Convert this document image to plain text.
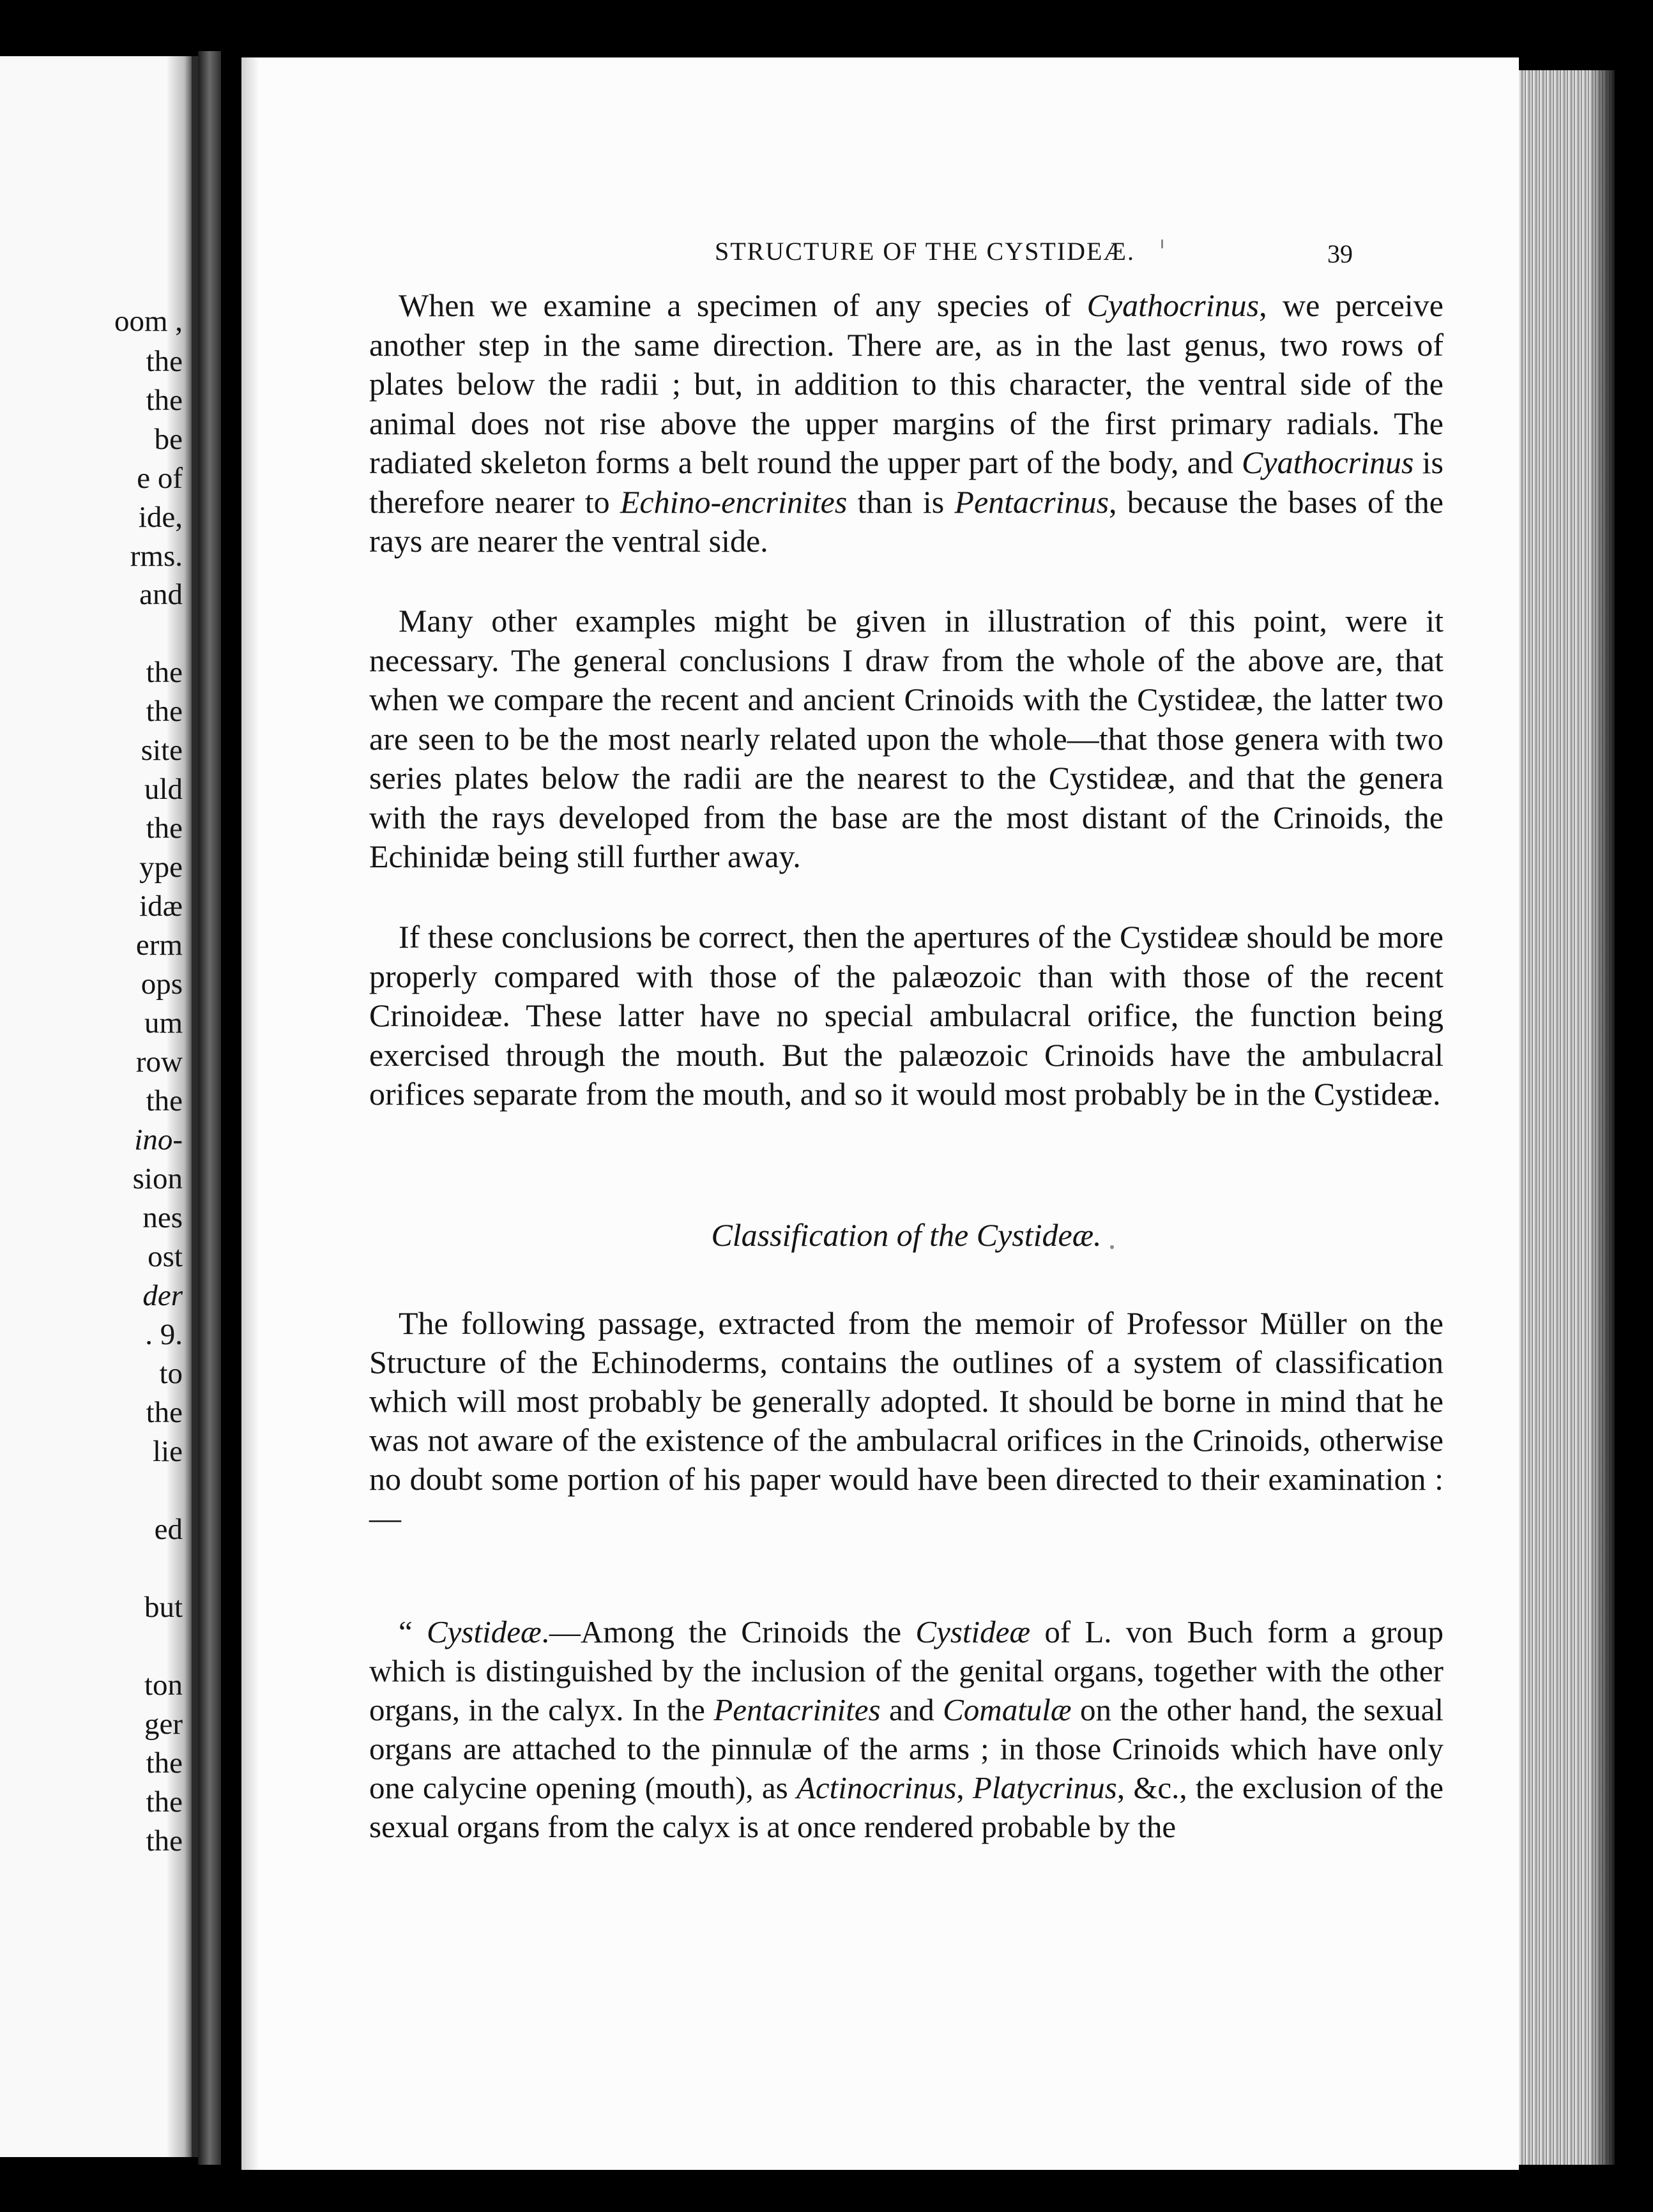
oom ,
the
the
be
e of
ide,
rms.
and
the
the
site
uld
the
ype
idæ
erm
ops
um
row
the
ino-
sion
nes
ost
der
. 9.
to
the
lie
ed
but
ton
ger
the
the
the
STRUCTURE OF THE CYSTIDEÆ.	39

When we examine a specimen of any species of Cyathocrinus, we perceive another step in the same direction. There are, as in the last genus, two rows of plates below the radii ; but, in addition to this character, the ventral side of the animal does not rise above the upper margins of the first primary radials. The radiated skeleton forms a belt round the upper part of the body, and Cyathocrinus is therefore nearer to Echino-encrinites than is Pentacrinus, because the bases of the rays are nearer the ventral side.

Many other examples might be given in illustration of this point, were it necessary. The general conclusions I draw from the whole of the above are, that when we compare the recent and ancient Crinoids with the Cystideæ, the latter two are seen to be the most nearly related upon the whole—that those genera with two series plates below the radii are the nearest to the Cystideæ, and that the genera with the rays developed from the base are the most distant of the Crinoids, the Echinidæ being still further away.

If these conclusions be correct, then the apertures of the Cystideæ should be more properly compared with those of the palæozoic than with those of the recent Crinoideæ. These latter have no special ambulacral orifice, the function being exercised through the mouth. But the palæozoic Crinoids have the ambulacral orifices separate from the mouth, and so it would most probably be in the Cystideæ.

Classification of the Cystideæ.

The following passage, extracted from the memoir of Professor Müller on the Structure of the Echinoderms, contains the outlines of a system of classification which will most probably be generally adopted. It should be borne in mind that he was not aware of the existence of the ambulacral orifices in the Crinoids, otherwise no doubt some portion of his paper would have been directed to their examination :—

“ Cystideæ.—Among the Crinoids the Cystideæ of L. von Buch form a group which is distinguished by the inclusion of the genital organs, together with the other organs, in the calyx. In the Pentacrinites and Comatulæ on the other hand, the sexual organs are attached to the pinnulæ of the arms ; in those Crinoids which have only one calycine opening (mouth), as Actinocrinus, Platycrinus, &c., the exclusion of the sexual organs from the calyx is at once rendered probable by the
